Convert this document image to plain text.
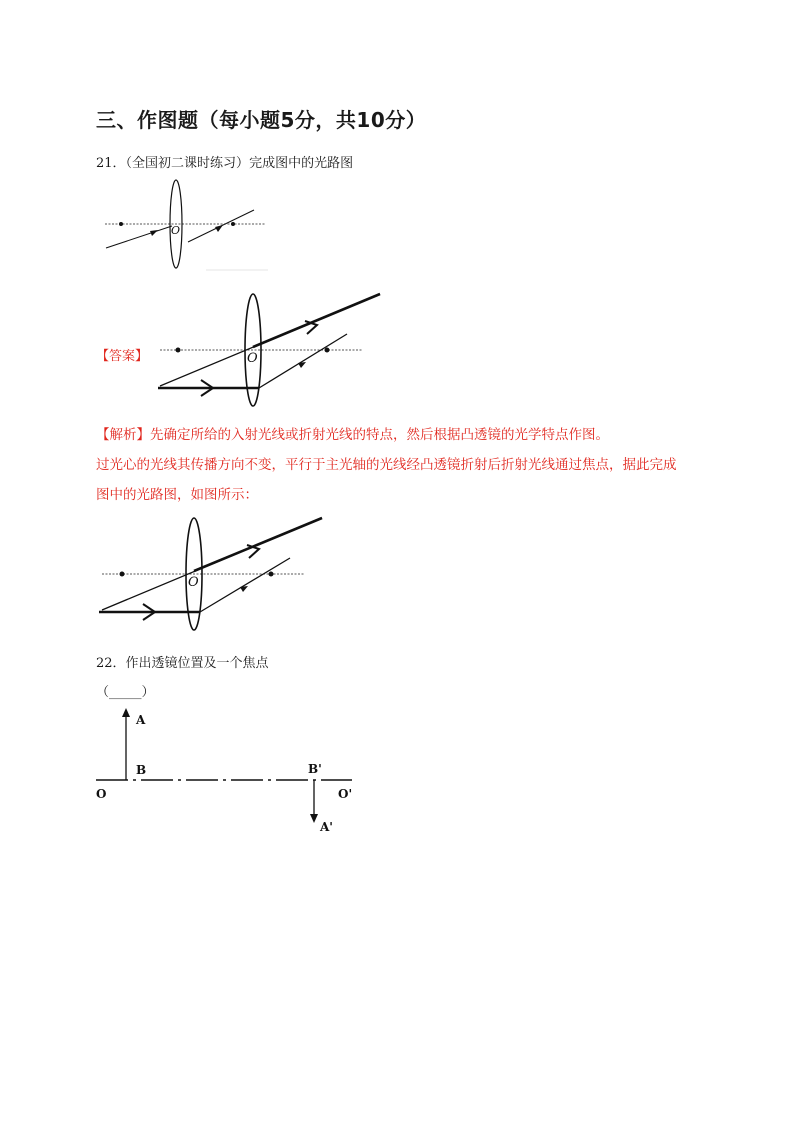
三、作图题（每小题5分，共10分）
21．（全国初二课时练习）完成图中的光路图
O
【答案】	O
【解析】先确定所给的入射光线或折射光线的特点，然后根据凸透镜的光学特点作图。
过光心的光线其传播方向不变，平行于主光轴的光线经凸透镜折射后折射光线通过焦点，据此完成
图中的光路图，如图所示：
O
22．作出透镜位置及一个焦点
（_____）
A
B	B'
O	O'
A'
